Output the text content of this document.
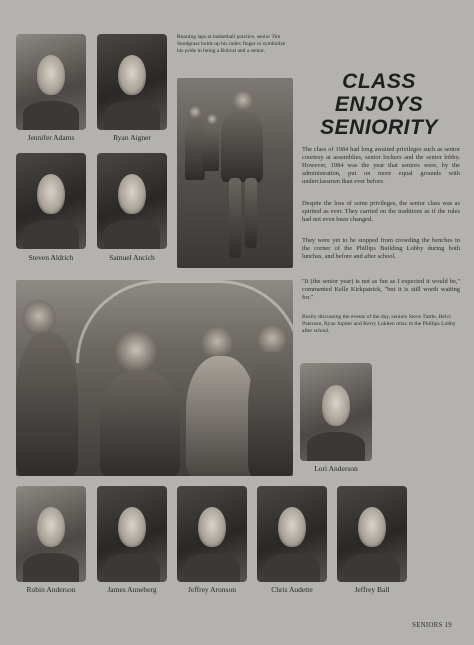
Jennifer Adams	Ryan Aigner
Steven Aldrich	Samuel Ancich
Running laps at basketball practice, senior Tim Snodgrass holds up his index finger to symbolize his pride in being a Bobcat and a senior.
CLASS
ENJOYS
SENIORITY
The class of 1984 had long awaited privileges such as senior courtesy at assemblies, senior lockers and the senior lobby. However, 1984 was the year that seniors were, by the administration, put on more equal grounds with underclassmen than ever before.
Despite the loss of some privileges, the senior class was as spirited as ever. They carried on the traditions as if the rules had not even been changed.
They were yet to be stopped from crowding the benches in the corner of the Phillips Building Lobby during both lunches, and before and after school.
"It (the senior year) is not as fun as I expected it would be," commented Kelle Kirkpatrick, "but it is still worth waiting for."
Busily discussing the events of the day, seniors Steve Tuttle, Helvi Paterson, Ryan Jupiter and Kerry Lokken relax in the Phillips Lobby after school.
Lori Anderson
Robin Anderson	James Anneberg	Jeffrey Aronson	Chris Audette	Jeffrey Ball
SENIORS 19
